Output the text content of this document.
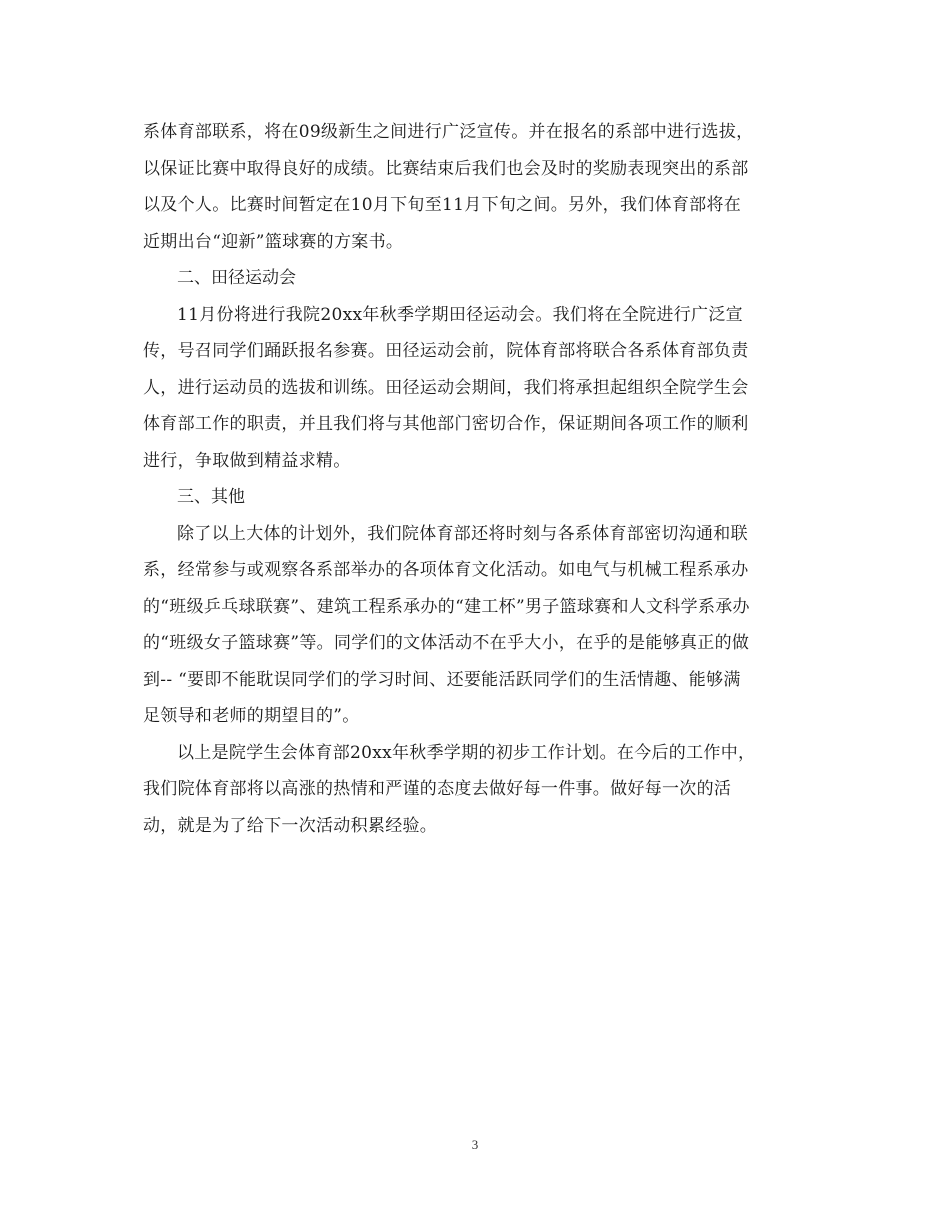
系体育部联系，将在09级新生之间进行广泛宣传。并在报名的系部中进行选拔，
以保证比赛中取得良好的成绩。比赛结束后我们也会及时的奖励表现突出的系部
以及个人。比赛时间暂定在10月下旬至11月下旬之间。另外，我们体育部将在
近期出台“迎新”篮球赛的方案书。

二、田径运动会

11月份将进行我院20xx年秋季学期田径运动会。我们将在全院进行广泛宣
传，号召同学们踊跃报名参赛。田径运动会前，院体育部将联合各系体育部负责
人，进行运动员的选拔和训练。田径运动会期间，我们将承担起组织全院学生会
体育部工作的职责，并且我们将与其他部门密切合作，保证期间各项工作的顺利
进行，争取做到精益求精。

三、其他

除了以上大体的计划外，我们院体育部还将时刻与各系体育部密切沟通和联
系，经常参与或观察各系部举办的各项体育文化活动。如电气与机械工程系承办
的“班级乒乓球联赛”、建筑工程系承办的“建工杯”男子篮球赛和人文科学系承办
的“班级女子篮球赛”等。同学们的文体活动不在乎大小，在乎的是能够真正的做
到-- “要即不能耽误同学们的学习时间、还要能活跃同学们的生活情趣、能够满
足领导和老师的期望目的”。

以上是院学生会体育部20xx年秋季学期的初步工作计划。在今后的工作中，
我们院体育部将以高涨的热情和严谨的态度去做好每一件事。做好每一次的活
动，就是为了给下一次活动积累经验。

3
